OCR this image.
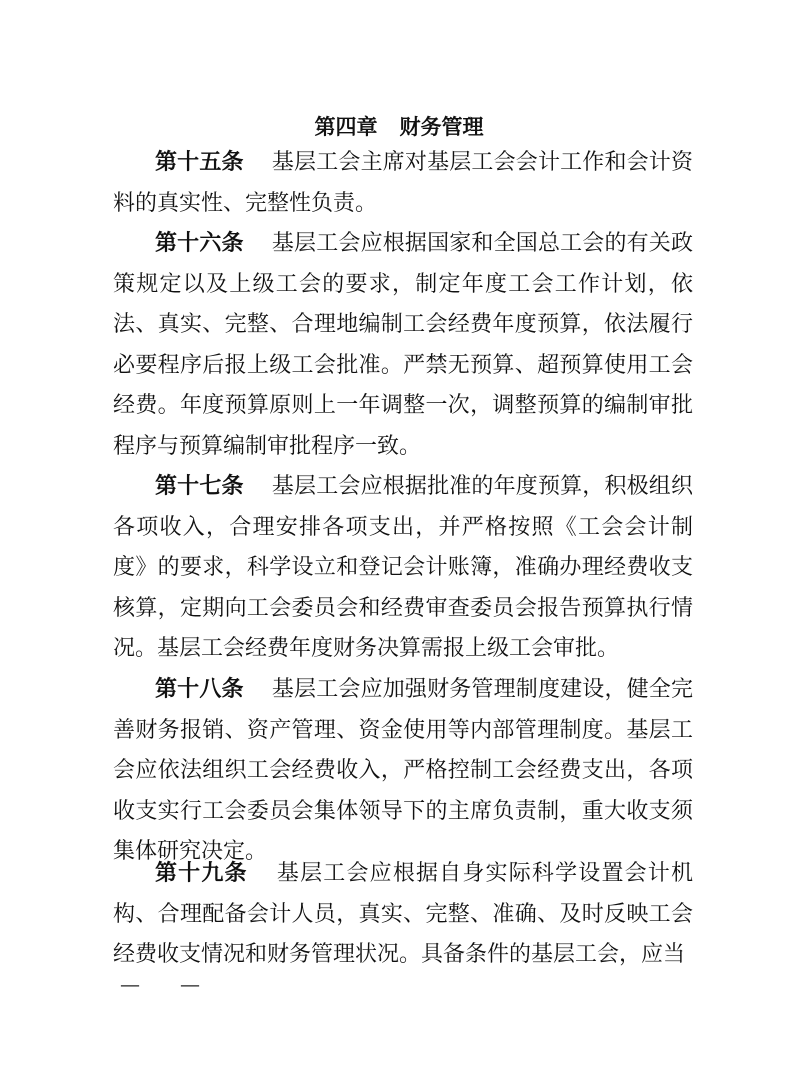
第四章 财务管理

第十五条 基层工会主席对基层工会会计工作和会计资料的真实性、完整性负责。

第十六条 基层工会应根据国家和全国总工会的有关政策规定以及上级工会的要求，制定年度工会工作计划，依法、真实、完整、合理地编制工会经费年度预算，依法履行必要程序后报上级工会批准。严禁无预算、超预算使用工会经费。年度预算原则上一年调整一次，调整预算的编制审批程序与预算编制审批程序一致。

第十七条 基层工会应根据批准的年度预算，积极组织各项收入，合理安排各项支出，并严格按照《工会会计制度》的要求，科学设立和登记会计账簿，准确办理经费收支核算，定期向工会委员会和经费审查委员会报告预算执行情况。基层工会经费年度财务决算需报上级工会审批。

第十八条 基层工会应加强财务管理制度建设，健全完善财务报销、资产管理、资金使用等内部管理制度。基层工会应依法组织工会经费收入，严格控制工会经费支出，各项收支实行工会委员会集体领导下的主席负责制，重大收支须集体研究决定。

第十九条 基层工会应根据自身实际科学设置会计机构、合理配备会计人员，真实、完整、准确、及时反映工会经费收支情况和财务管理状况。具备条件的基层工会，应当

— —
